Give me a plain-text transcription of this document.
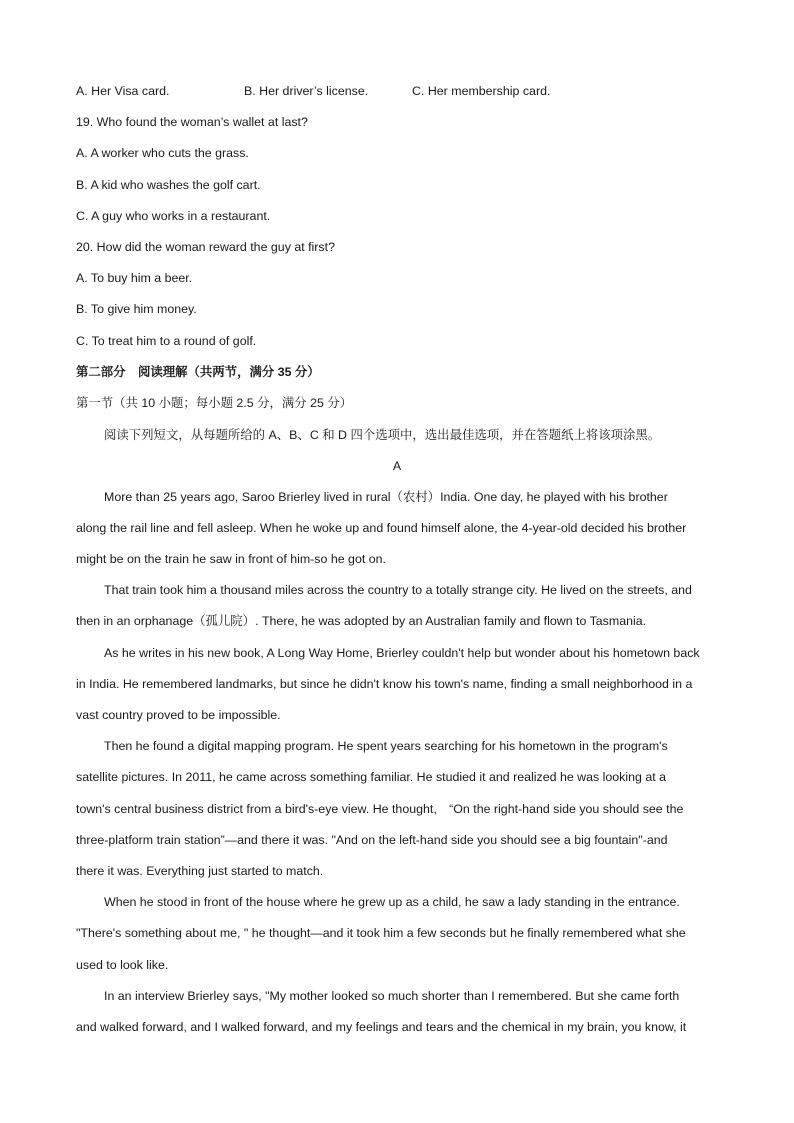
A. Her Visa card.	B. Her driver’s license.	C. Her membership card.
19. Who found the woman’s wallet at last?
A. A worker who cuts the grass.
B. A kid who washes the golf cart.
C. A guy who works in a restaurant.
20. How did the woman reward the guy at first?
A. To buy him a beer.
B. To give him money.
C. To treat him to a round of golf.
第二部分　阅读理解（共两节，满分 35 分）
第一节（共 10 小题；每小题 2.5 分，满分 25 分）
阅读下列短文，从每题所给的 A、B、C 和 D 四个选项中，选出最佳选项，并在答题纸上将该项涂黑。
A
More than 25 years ago, Saroo Brierley lived in rural（农村）India. One day, he played with his brother
along the rail line and fell asleep. When he woke up and found himself alone, the 4-year-old decided his brother
might be on the train he saw in front of him-so he got on.
That train took him a thousand miles across the country to a totally strange city. He lived on the streets, and
then in an orphanage（孤儿院）. There, he was adopted by an Australian family and flown to Tasmania.
As he writes in his new book, A Long Way Home, Brierley couldn't help but wonder about his hometown back
in India. He remembered landmarks, but since he didn't know his town's name, finding a small neighborhood in a
vast country proved to be impossible.
Then he found a digital mapping program. He spent years searching for his hometown in the program's
satellite pictures. In 2011, he came across something familiar. He studied it and realized he was looking at a
town's central business district from a bird's-eye view. He thought,　“On the right-hand side you should see the
three-platform train station”—and there it was. "And on the left-hand side you should see a big fountain"-and
there it was. Everything just started to match.
When he stood in front of the house where he grew up as a child, he saw a lady standing in the entrance.
"There's something about me, " he thought—and it took him a few seconds but he finally remembered what she
used to look like.
In an interview Brierley says, "My mother looked so much shorter than I remembered. But she came forth
and walked forward, and I walked forward, and my feelings and tears and the chemical in my brain, you know, it
